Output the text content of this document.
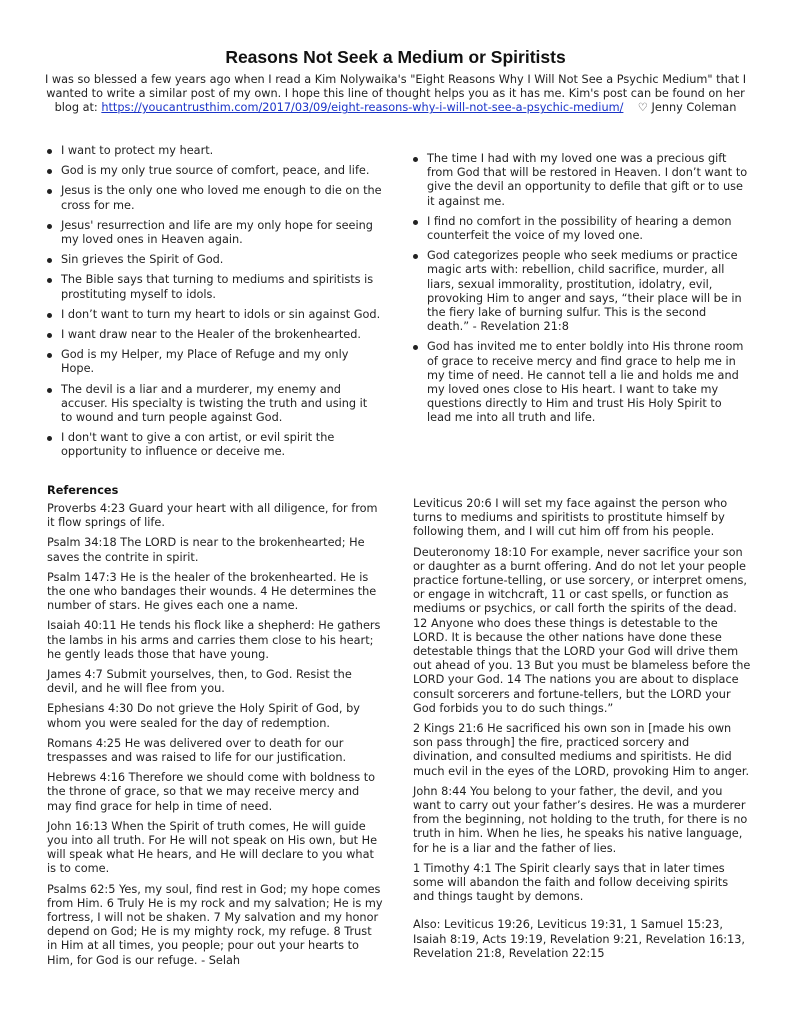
Reasons Not Seek a Medium or Spiritists
I was so blessed a few years ago when I read a Kim Nolywaika's "Eight Reasons Why I Will Not See a Psychic Medium" that I wanted to write a similar post of my own. I hope this line of thought helps you as it has me. Kim's post can be found on her blog at: https://youcantrusthim.com/2017/03/09/eight-reasons-why-i-will-not-see-a-psychic-medium/ ♡ Jenny Coleman
I want to protect my heart.
God is my only true source of comfort, peace, and life.
Jesus is the only one who loved me enough to die on the cross for me.
Jesus' resurrection and life are my only hope for seeing my loved ones in Heaven again.
Sin grieves the Spirit of God.
The Bible says that turning to mediums and spiritists is prostituting myself to idols.
I don’t want to turn my heart to idols or sin against God.
I want draw near to the Healer of the brokenhearted.
God is my Helper, my Place of Refuge and my only Hope.
The devil is a liar and a murderer, my enemy and accuser. His specialty is twisting the truth and using it to wound and turn people against God.
I don't want to give a con artist, or evil spirit the opportunity to influence or deceive me.
The time I had with my loved one was a precious gift from God that will be restored in Heaven. I don’t want to give the devil an opportunity to defile that gift or to use it against me.
I find no comfort in the possibility of hearing a demon counterfeit the voice of my loved one.
God categorizes people who seek mediums or practice magic arts with: rebellion, child sacrifice, murder, all liars, sexual immorality, prostitution, idolatry, evil, provoking Him to anger and says, “their place will be in the fiery lake of burning sulfur. This is the second death.” - Revelation 21:8
God has invited me to enter boldly into His throne room of grace to receive mercy and find grace to help me in my time of need. He cannot tell a lie and holds me and my loved ones close to His heart. I want to take my questions directly to Him and trust His Holy Spirit to lead me into all truth and life.
References

Proverbs 4:23 Guard your heart with all diligence, for from it flow springs of life.

Psalm 34:18 The LORD is near to the brokenhearted; He saves the contrite in spirit.

Psalm 147:3 He is the healer of the brokenhearted. He is the one who bandages their wounds. 4 He determines the number of stars. He gives each one a name.

Isaiah 40:11 He tends his flock like a shepherd: He gathers the lambs in his arms and carries them close to his heart; he gently leads those that have young.

James 4:7 Submit yourselves, then, to God. Resist the devil, and he will flee from you.

Ephesians 4:30 Do not grieve the Holy Spirit of God, by whom you were sealed for the day of redemption.

Romans 4:25 He was delivered over to death for our trespasses and was raised to life for our justification.

Hebrews 4:16 Therefore we should come with boldness to the throne of grace, so that we may receive mercy and may find grace for help in time of need.

John 16:13 When the Spirit of truth comes, He will guide you into all truth. For He will not speak on His own, but He will speak what He hears, and He will declare to you what is to come.

Psalms 62:5 Yes, my soul, find rest in God; my hope comes from Him. 6 Truly He is my rock and my salvation; He is my fortress, I will not be shaken. 7 My salvation and my honor depend on God; He is my mighty rock, my refuge. 8 Trust in Him at all times, you people; pour out your hearts to Him, for God is our refuge. - Selah

Leviticus 20:6 I will set my face against the person who turns to mediums and spiritists to prostitute himself by following them, and I will cut him off from his people.

Deuteronomy 18:10 For example, never sacrifice your son or daughter as a burnt offering. And do not let your people practice fortune-telling, or use sorcery, or interpret omens, or engage in witchcraft, 11 or cast spells, or function as mediums or psychics, or call forth the spirits of the dead. 12 Anyone who does these things is detestable to the LORD. It is because the other nations have done these detestable things that the LORD your God will drive them out ahead of you. 13 But you must be blameless before the LORD your God. 14 The nations you are about to displace consult sorcerers and fortune-tellers, but the LORD your God forbids you to do such things.”

2 Kings 21:6 He sacrificed his own son in [made his own son pass through] the fire, practiced sorcery and divination, and consulted mediums and spiritists. He did much evil in the eyes of the LORD, provoking Him to anger.

John 8:44 You belong to your father, the devil, and you want to carry out your father’s desires. He was a murderer from the beginning, not holding to the truth, for there is no truth in him. When he lies, he speaks his native language, for he is a liar and the father of lies.

1 Timothy 4:1 The Spirit clearly says that in later times some will abandon the faith and follow deceiving spirits and things taught by demons.

Also: Leviticus 19:26, Leviticus 19:31, 1 Samuel 15:23, Isaiah 8:19, Acts 19:19, Revelation 9:21, Revelation 16:13, Revelation 21:8, Revelation 22:15
